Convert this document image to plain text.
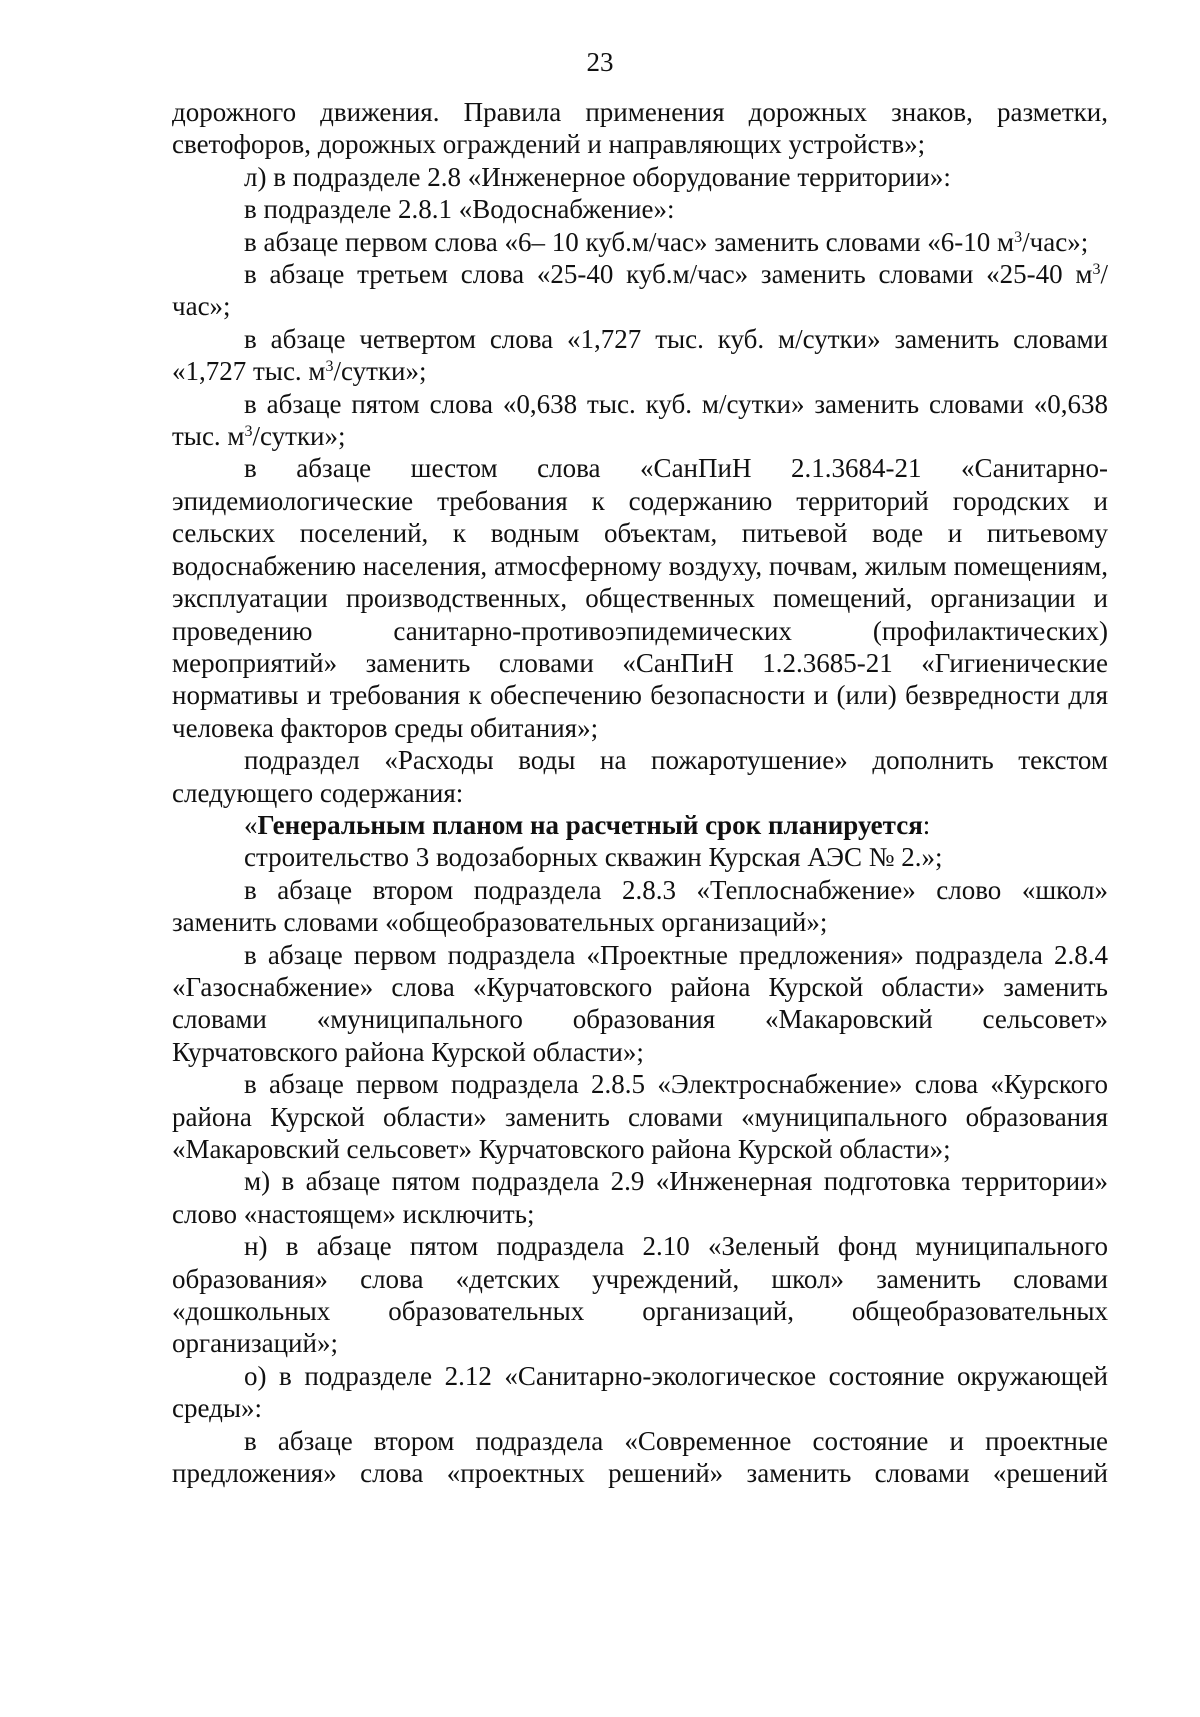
23

дорожного движения. Правила применения дорожных знаков, разметки, светофоров, дорожных ограждений и направляющих устройств»;

л) в подразделе 2.8 «Инженерное оборудование территории»:

в подразделе 2.8.1 «Водоснабжение»:

в абзаце первом слова «6– 10 куб.м/час» заменить словами «6-10 $м^3$/час»;

в абзаце третьем слова «25-40 куб.м/час» заменить словами «25-40 $м^3$/час»;

в абзаце четвертом слова «1,727 тыс. куб. м/сутки» заменить словами «1,727 тыс. $м^3$/сутки»;

в абзаце пятом слова «0,638 тыс. куб. м/сутки» заменить словами «0,638 тыс. $м^3$/сутки»;

в абзаце шестом слова «СанПиН 2.1.3684-21 «Санитарно-эпидемиологические требования к содержанию территорий городских и сельских поселений, к водным объектам, питьевой воде и питьевому водоснабжению населения, атмосферному воздуху, почвам, жилым помещениям, эксплуатации производственных, общественных помещений, организации и проведению санитарно-противоэпидемических (профилактических) мероприятий» заменить словами «СанПиН 1.2.3685-21 «Гигиенические нормативы и требования к обеспечению безопасности и (или) безвредности для человека факторов среды обитания»;

подраздел «Расходы воды на пожаротушение» дополнить текстом следующего содержания:

«Генеральным планом на расчетный срок планируется:

строительство 3 водозаборных скважин Курская АЭС № 2.»;

в абзаце втором подраздела 2.8.3 «Теплоснабжение» слово «школ» заменить словами «общеобразовательных организаций»;

в абзаце первом подраздела «Проектные предложения» подраздела 2.8.4 «Газоснабжение» слова «Курчатовского района Курской области» заменить словами «муниципального образования «Макаровский сельсовет» Курчатовского района Курской области»;

в абзаце первом подраздела 2.8.5 «Электроснабжение» слова «Курского района Курской области» заменить словами «муниципального образования «Макаровский сельсовет» Курчатовского района Курской области»;

м) в абзаце пятом подраздела 2.9 «Инженерная подготовка территории» слово «настоящем» исключить;

н) в абзаце пятом подраздела 2.10 «Зеленый фонд муниципального образования» слова «детских учреждений, школ» заменить словами «дошкольных образовательных организаций, общеобразовательных организаций»;

о) в подразделе 2.12 «Санитарно-экологическое состояние окружающей среды»:

в абзаце втором подраздела «Современное состояние и проектные предложения» слова «проектных решений» заменить словами «решений
